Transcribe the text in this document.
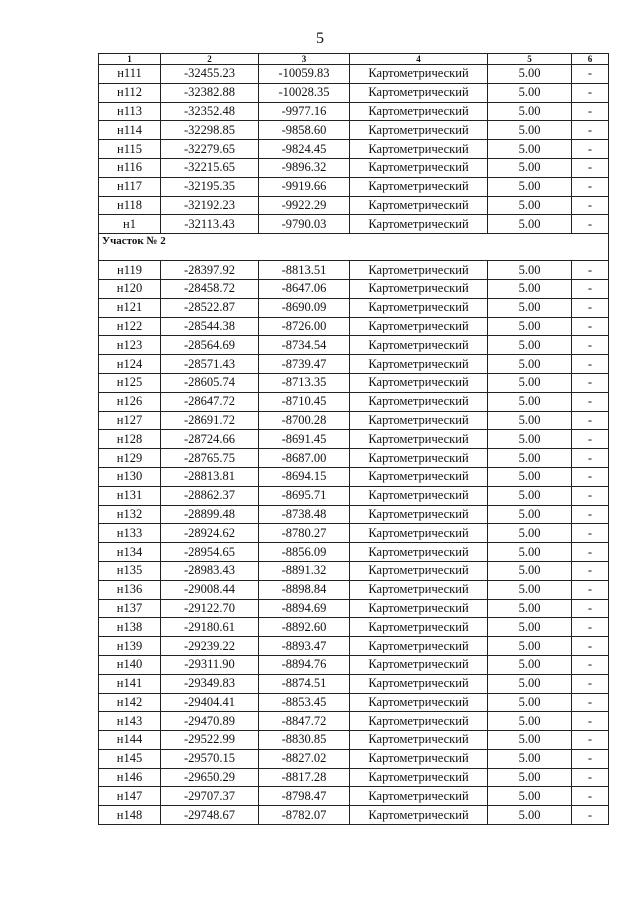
5
1	2	3	4	5	6
н111	-32455.23	-10059.83	Картометрический	5.00	-
н112	-32382.88	-10028.35	Картометрический	5.00	-
н113	-32352.48	-9977.16	Картометрический	5.00	-
н114	-32298.85	-9858.60	Картометрический	5.00	-
н115	-32279.65	-9824.45	Картометрический	5.00	-
н116	-32215.65	-9896.32	Картометрический	5.00	-
н117	-32195.35	-9919.66	Картометрический	5.00	-
н118	-32192.23	-9922.29	Картометрический	5.00	-
н1	-32113.43	-9790.03	Картометрический	5.00	-
Участок № 2					
н119	-28397.92	-8813.51	Картометрический	5.00	-
н120	-28458.72	-8647.06	Картометрический	5.00	-
н121	-28522.87	-8690.09	Картометрический	5.00	-
н122	-28544.38	-8726.00	Картометрический	5.00	-
н123	-28564.69	-8734.54	Картометрический	5.00	-
н124	-28571.43	-8739.47	Картометрический	5.00	-
н125	-28605.74	-8713.35	Картометрический	5.00	-
н126	-28647.72	-8710.45	Картометрический	5.00	-
н127	-28691.72	-8700.28	Картометрический	5.00	-
н128	-28724.66	-8691.45	Картометрический	5.00	-
н129	-28765.75	-8687.00	Картометрический	5.00	-
н130	-28813.81	-8694.15	Картометрический	5.00	-
н131	-28862.37	-8695.71	Картометрический	5.00	-
н132	-28899.48	-8738.48	Картометрический	5.00	-
н133	-28924.62	-8780.27	Картометрический	5.00	-
н134	-28954.65	-8856.09	Картометрический	5.00	-
н135	-28983.43	-8891.32	Картометрический	5.00	-
н136	-29008.44	-8898.84	Картометрический	5.00	-
н137	-29122.70	-8894.69	Картометрический	5.00	-
н138	-29180.61	-8892.60	Картометрический	5.00	-
н139	-29239.22	-8893.47	Картометрический	5.00	-
н140	-29311.90	-8894.76	Картометрический	5.00	-
н141	-29349.83	-8874.51	Картометрический	5.00	-
н142	-29404.41	-8853.45	Картометрический	5.00	-
н143	-29470.89	-8847.72	Картометрический	5.00	-
н144	-29522.99	-8830.85	Картометрический	5.00	-
н145	-29570.15	-8827.02	Картометрический	5.00	-
н146	-29650.29	-8817.28	Картометрический	5.00	-
н147	-29707.37	-8798.47	Картометрический	5.00	-
н148	-29748.67	-8782.07	Картометрический	5.00	-
